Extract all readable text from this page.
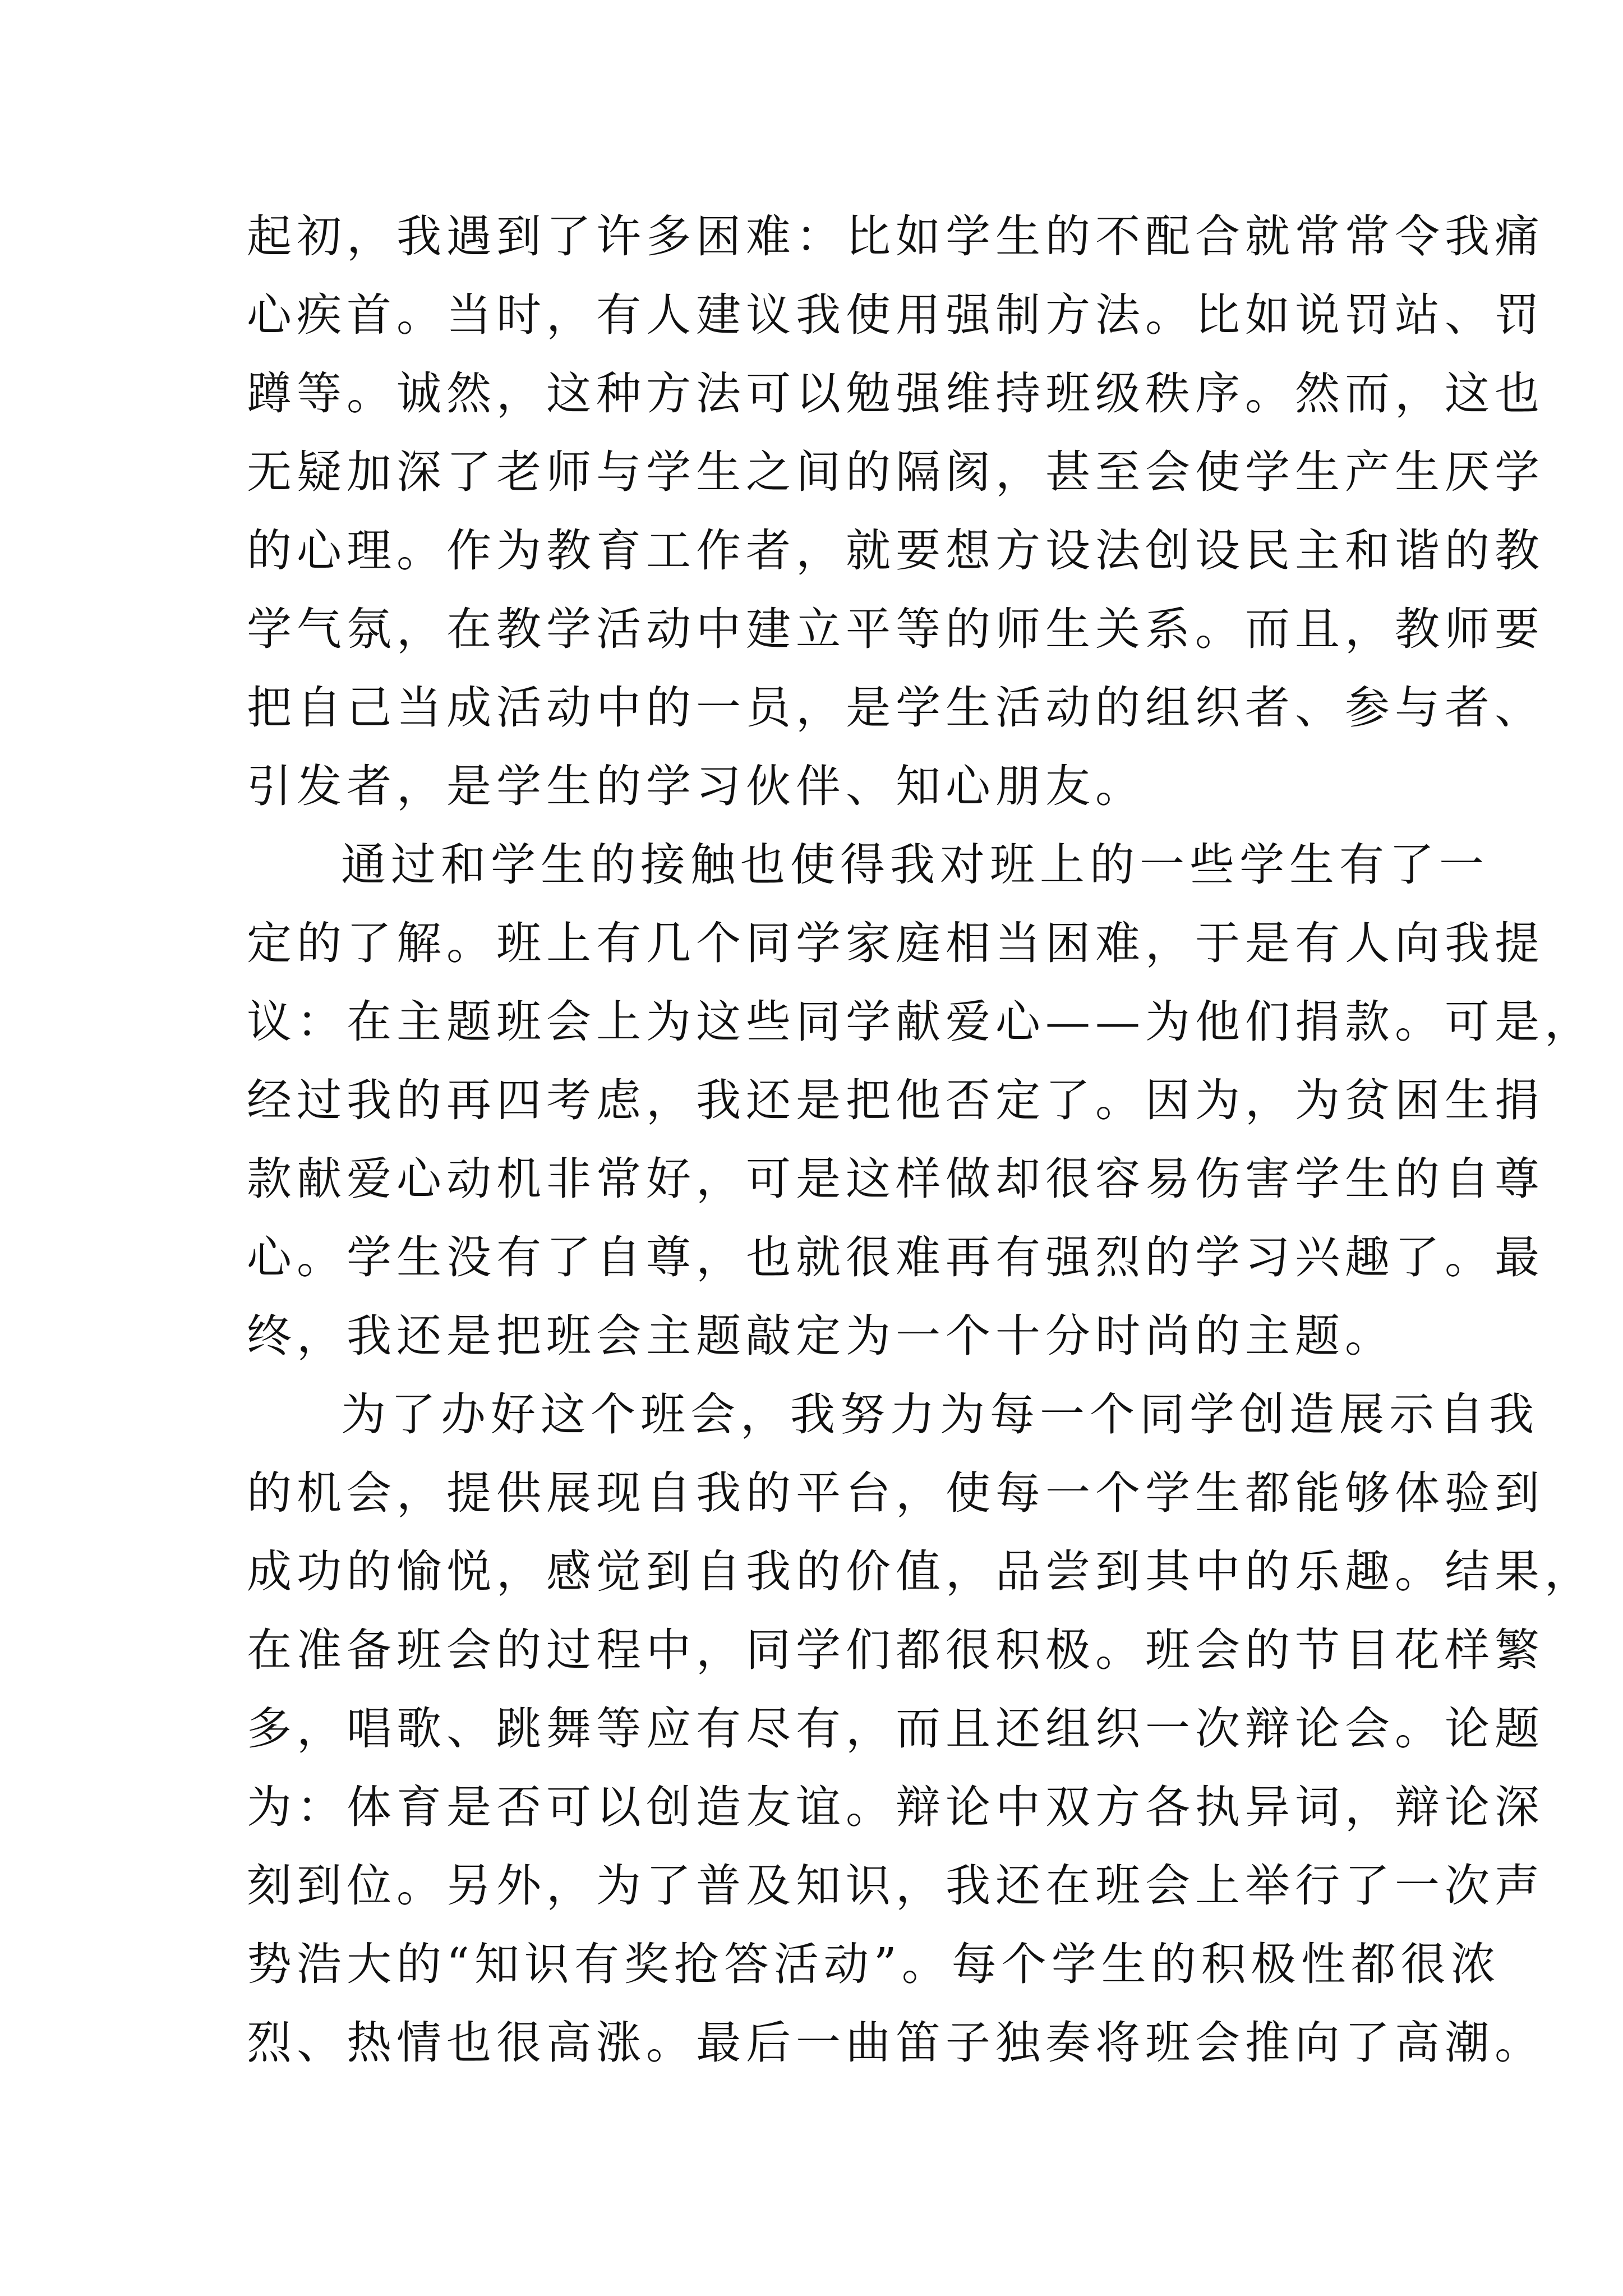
起初，我遇到了许多困难：比如学生的不配合就常常令我痛
心疾首。当时，有人建议我使用强制方法。比如说罚站、罚
蹲等。诚然，这种方法可以勉强维持班级秩序。然而，这也
无疑加深了老师与学生之间的隔阂，甚至会使学生产生厌学
的心理。作为教育工作者，就要想方设法创设民主和谐的教
学气氛，在教学活动中建立平等的师生关系。而且，教师要
把自己当成活动中的一员，是学生活动的组织者、参与者、
引发者，是学生的学习伙伴、知心朋友。
通过和学生的接触也使得我对班上的一些学生有了一
定的了解。班上有几个同学家庭相当困难，于是有人向我提
议：在主题班会上为这些同学献爱心——为他们捐款。可是，
经过我的再四考虑，我还是把他否定了。因为，为贫困生捐
款献爱心动机非常好，可是这样做却很容易伤害学生的自尊
心。学生没有了自尊，也就很难再有强烈的学习兴趣了。最
终，我还是把班会主题敲定为一个十分时尚的主题。
为了办好这个班会，我努力为每一个同学创造展示自我
的机会，提供展现自我的平台，使每一个学生都能够体验到
成功的愉悦，感觉到自我的价值，品尝到其中的乐趣。结果，
在准备班会的过程中，同学们都很积极。班会的节目花样繁
多，唱歌、跳舞等应有尽有，而且还组织一次辩论会。论题
为：体育是否可以创造友谊。辩论中双方各执异词，辩论深
刻到位。另外，为了普及知识，我还在班会上举行了一次声
势浩大的“知识有奖抢答活动”。每个学生的积极性都很浓
烈、热情也很高涨。最后一曲笛子独奏将班会推向了高潮。
